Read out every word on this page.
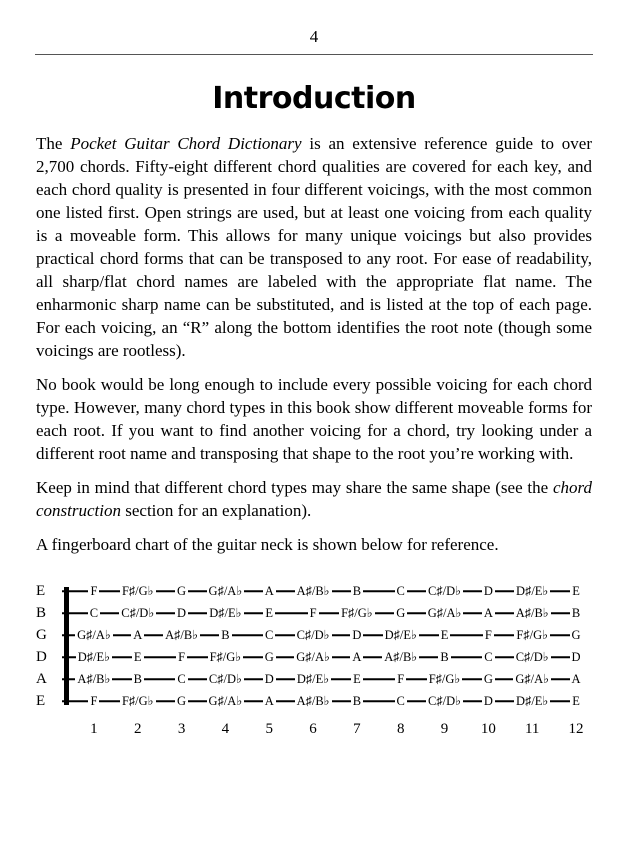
4
Introduction

The Pocket Guitar Chord Dictionary is an extensive reference guide to over 2,700 chords. Fifty-eight different chord qualities are covered for each key, and each chord quality is presented in four different voicings, with the most common one listed first. Open strings are used, but at least one voicing from each quality is a moveable form. This allows for many unique voicings but also provides practical chord forms that can be transposed to any root. For ease of readability, all sharp/flat chord names are labeled with the appropriate flat name. The enharmonic sharp name can be substituted, and is listed at the top of each page. For each voicing, an “R” along the bottom identifies the root note (though some voicings are rootless).

No book would be long enough to include every possible voicing for each chord type. However, many chord types in this book show different moveable forms for each root. If you want to find another voicing for a chord, try looking under a different root name and transposing that shape to the root you’re working with.

Keep in mind that different chord types may share the same shape (see the chord construction section for an explanation).

A fingerboard chart of the guitar neck is shown below for reference.

E	F F♯/G♭ G G♯/A♭ A A♯/B♭ B	C C♯/D♭ D D♯/E♭ E
B	C C♯/D♭ D D♯/E♭ E	F F♯/G♭ G G♯/A♭ A A♯/B♭ B
G	G♯/A♭ A A♯/B♭ B	C C♯/D♭ D D♯/E♭ E	F F♯/G♭ G
D	D♯/E♭ E	F F♯/G♭ G G♯/A♭ A A♯/B♭ B	C C♯/D♭ D
A	A♯/B♭ B	C C♯/D♭ D D♯/E♭ E	F F♯/G♭ G G♯/A♭ A
E	F F♯/G♭ G G♯/A♭ A A♯/B♭ B	C C♯/D♭ D D♯/E♭ E
1	2	3	4	5	6	7	8	9	10	11	12
